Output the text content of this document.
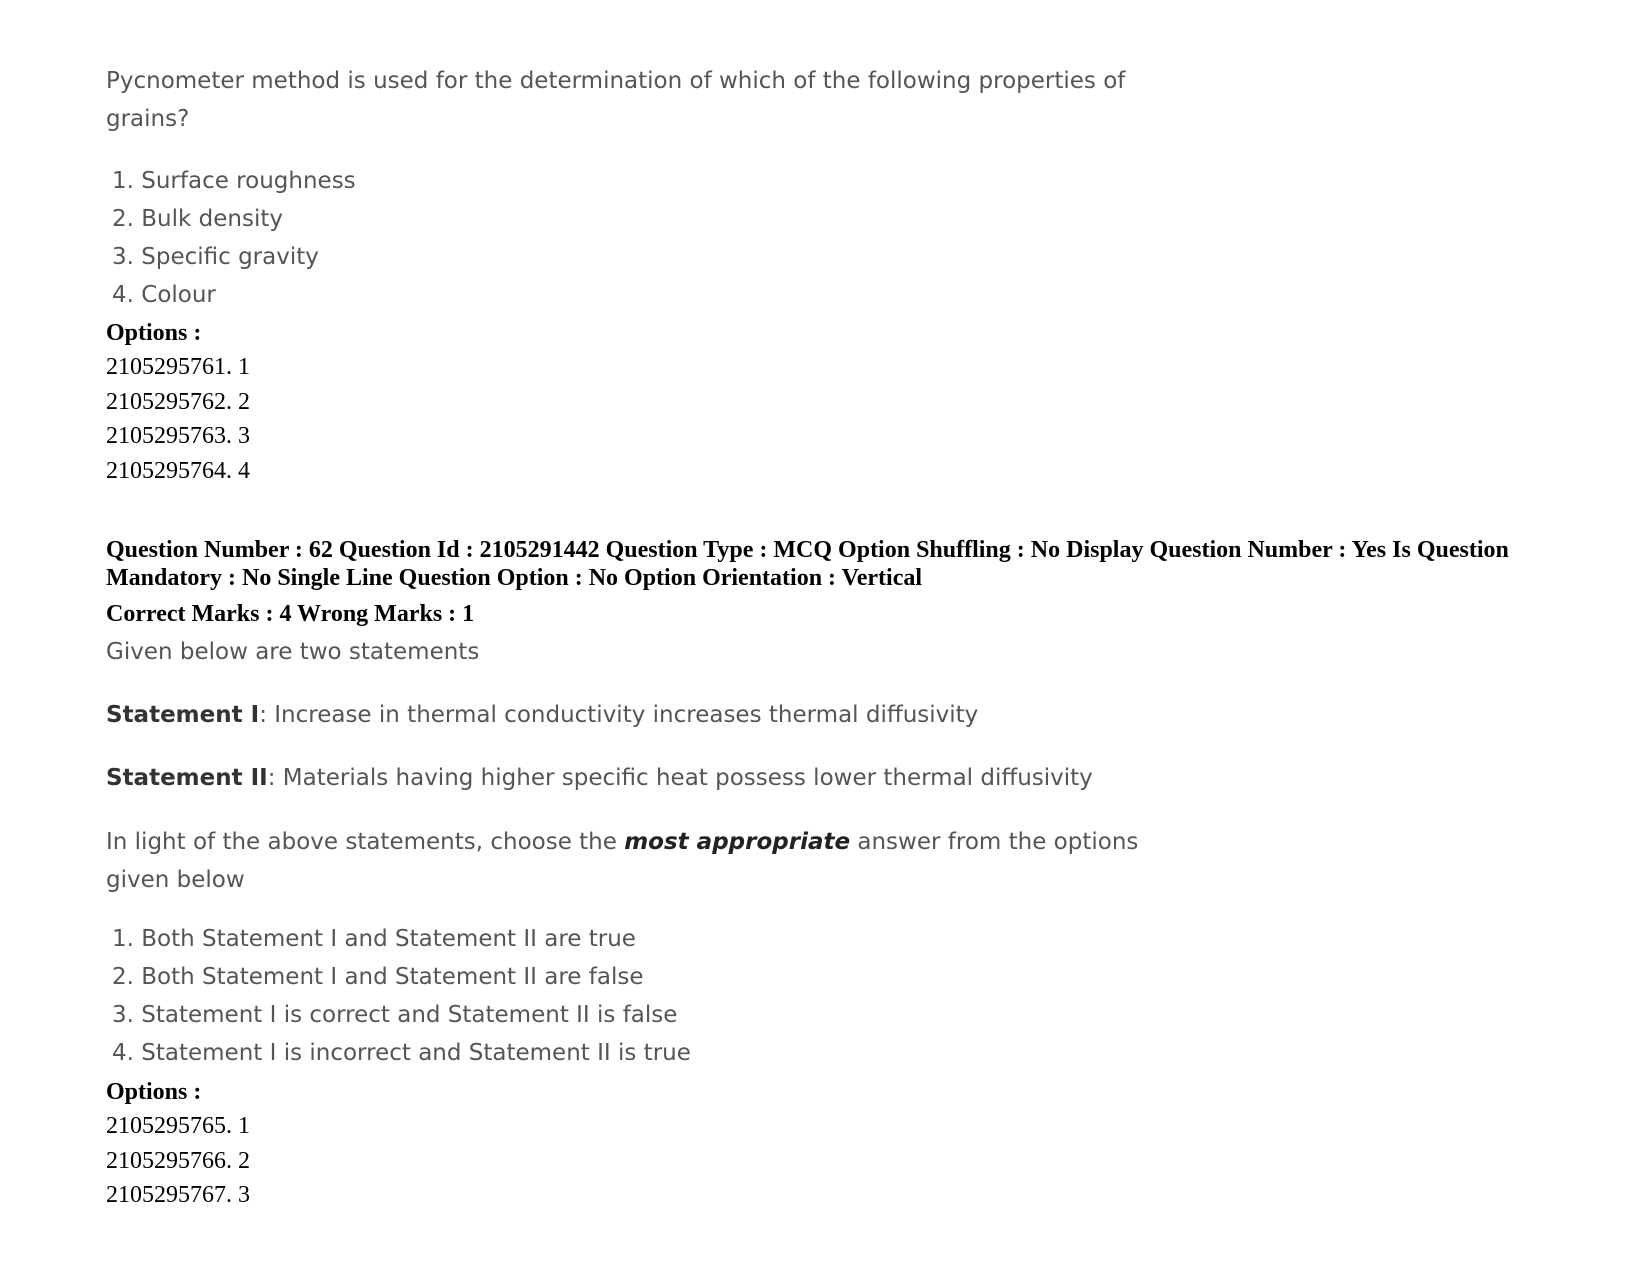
Pycnometer method is used for the determination of which of the following properties of grains?
1. Surface roughness
2. Bulk density
3. Specific gravity
4. Colour
Options :
2105295761. 1
2105295762. 2
2105295763. 3
2105295764. 4
Question Number : 62 Question Id : 2105291442 Question Type : MCQ Option Shuffling : No Display Question Number : Yes Is Question Mandatory : No Single Line Question Option : No Option Orientation : Vertical
Correct Marks : 4 Wrong Marks : 1
Given below are two statements
Statement I: Increase in thermal conductivity increases thermal diffusivity
Statement II: Materials having higher specific heat possess lower thermal diffusivity
In light of the above statements, choose the most appropriate answer from the options given below
1. Both Statement I and Statement II are true
2. Both Statement I and Statement II are false
3. Statement I is correct and Statement II is false
4. Statement I is incorrect and Statement II is true
Options :
2105295765. 1
2105295766. 2
2105295767. 3
